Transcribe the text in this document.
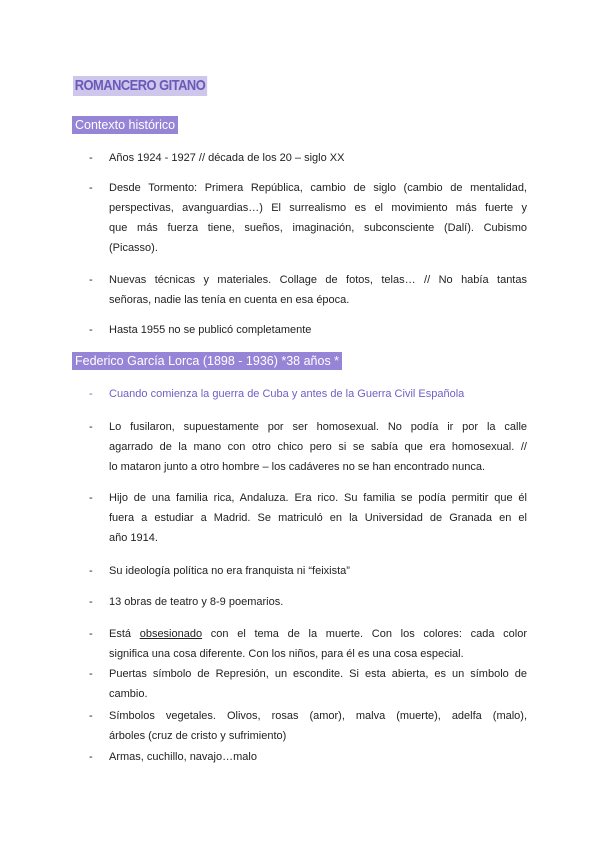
ROMANCERO GITANO
Contexto histórico
- Años 1924 - 1927 // década de los 20 – siglo XX
- Desde Tormento: Primera República, cambio de siglo (cambio de mentalidad,
perspectivas, avanguardias…) El surrealismo es el movimiento más fuerte y
que más fuerza tiene, sueños, imaginación, subconsciente (Dalí). Cubismo
(Picasso).
- Nuevas técnicas y materiales. Collage de fotos, telas… // No había tantas
señoras, nadie las tenía en cuenta en esa época.
- Hasta 1955 no se publicó completamente
Federico García Lorca (1898 - 1936) *38 años *
- Cuando comienza la guerra de Cuba y antes de la Guerra Civil Española
- Lo fusilaron, supuestamente por ser homosexual. No podía ir por la calle
agarrado de la mano con otro chico pero si se sabía que era homosexual. //
lo mataron junto a otro hombre – los cadáveres no se han encontrado nunca.
- Hijo de una familia rica, Andaluza. Era rico. Su familia se podía permitir que él
fuera a estudiar a Madrid. Se matriculó en la Universidad de Granada en el
año 1914.
- Su ideología política no era franquista ni “feixista”
- 13 obras de teatro y 8-9 poemarios.
- Está obsesionado con el tema de la muerte. Con los colores: cada color
significa una cosa diferente. Con los niños, para él es una cosa especial.
- Puertas símbolo de Represión, un escondite. Si esta abierta, es un símbolo de
cambio.
- Símbolos vegetales. Olivos, rosas (amor), malva (muerte), adelfa (malo),
árboles (cruz de cristo y sufrimiento)
- Armas, cuchillo, navajo…malo
